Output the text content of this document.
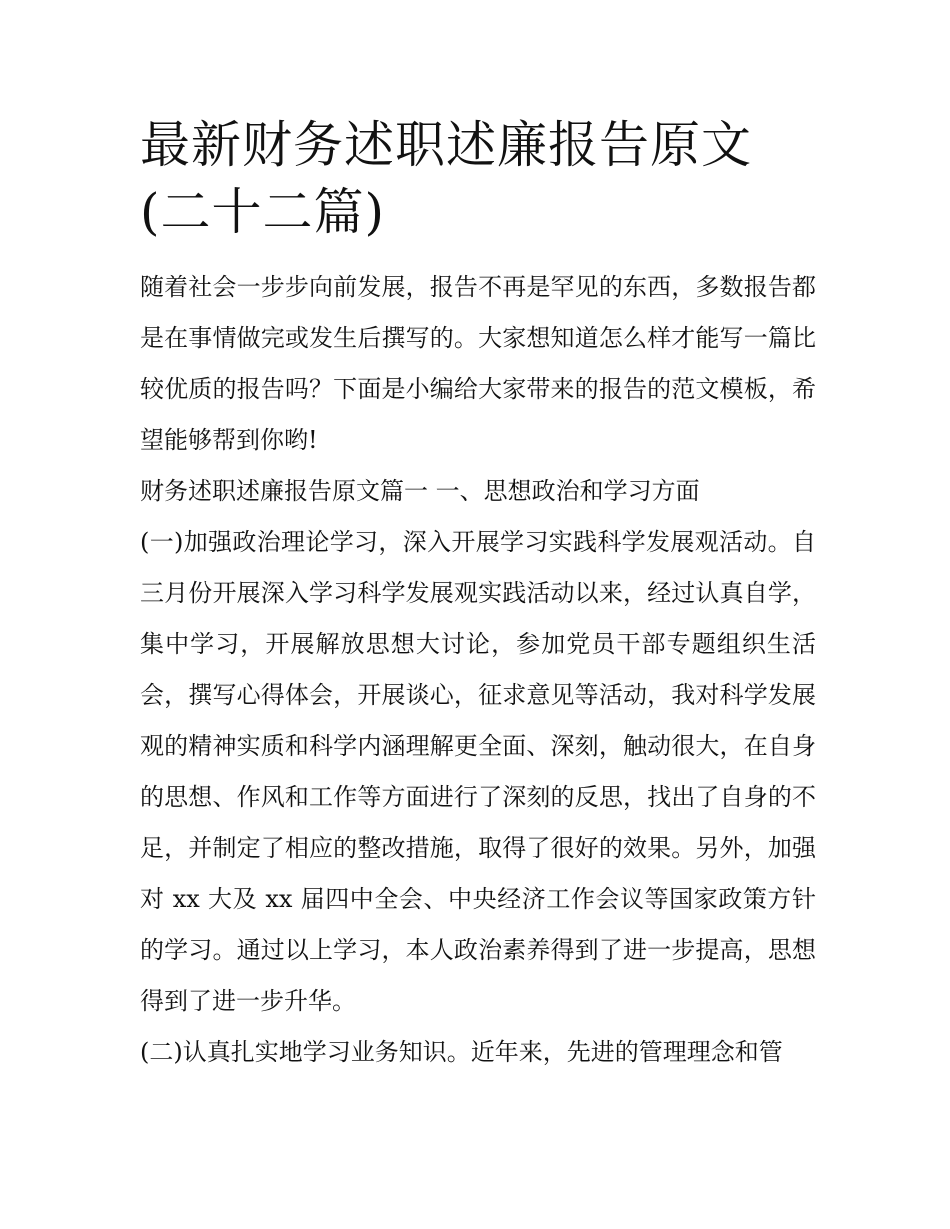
最新财务述职述廉报告原文(二十二篇)

随着社会一步步向前发展，报告不再是罕见的东西，多数报告都是在事情做完或发生后撰写的。大家想知道怎么样才能写一篇比较优质的报告吗？下面是小编给大家带来的报告的范文模板，希望能够帮到你哟!

财务述职述廉报告原文篇一 一、思想政治和学习方面

(一)加强政治理论学习，深入开展学习实践科学发展观活动。自三月份开展深入学习科学发展观实践活动以来，经过认真自学，集中学习，开展解放思想大讨论，参加党员干部专题组织生活会，撰写心得体会，开展谈心，征求意见等活动，我对科学发展观的精神实质和科学内涵理解更全面、深刻，触动很大，在自身的思想、作风和工作等方面进行了深刻的反思，找出了自身的不足，并制定了相应的整改措施，取得了很好的效果。另外，加强对 xx 大及 xx 届四中全会、中央经济工作会议等国家政策方针的学习。通过以上学习，本人政治素养得到了进一步提高，思想得到了进一步升华。

(二)认真扎实地学习业务知识。近年来，先进的管理理念和管
